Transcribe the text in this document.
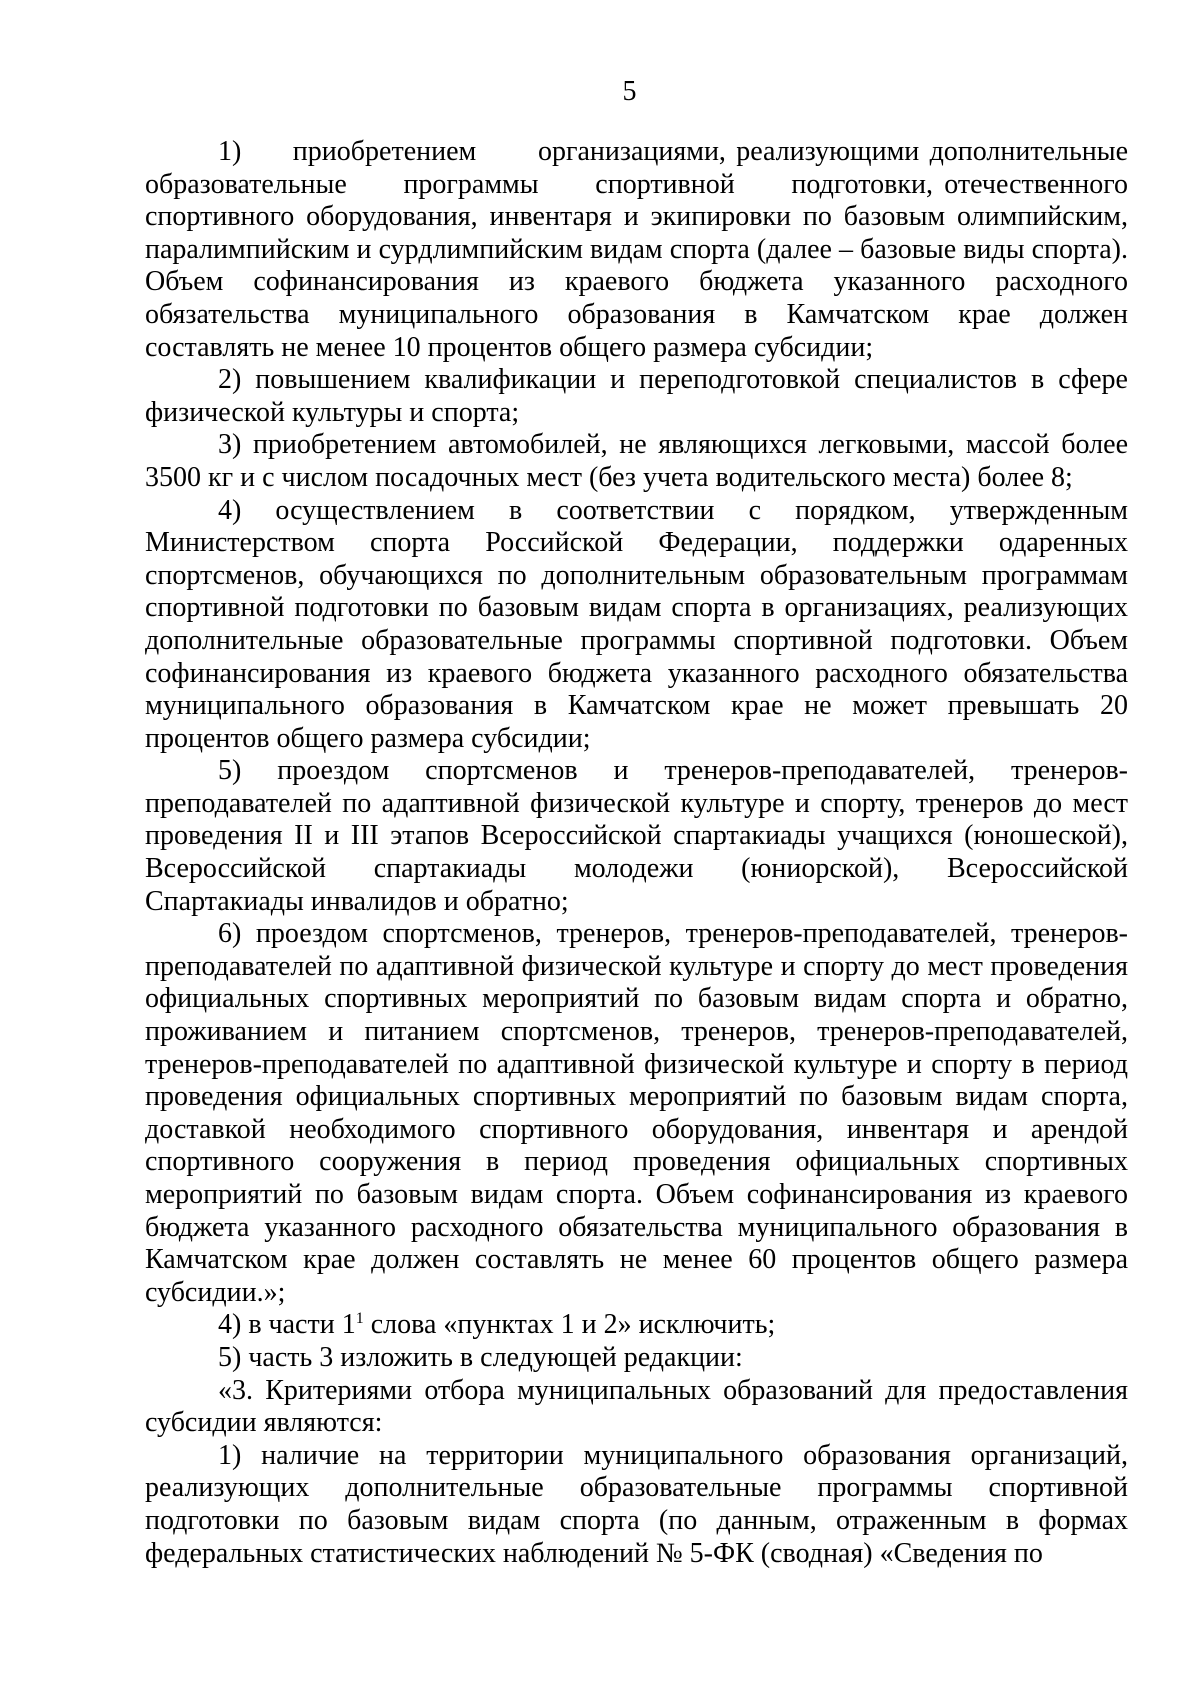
5

1)     приобретением      организациями, реализующими дополнительные образовательные     программы     спортивной     подготовки, отечественного спортивного оборудования, инвентаря и экипировки по базовым олимпийским, паралимпийским и сурдлимпийским видам спорта (далее – базовые виды спорта). Объем софинансирования из краевого бюджета указанного расходного обязательства муниципального образования в Камчатском крае должен составлять не менее 10 процентов общего размера субсидии;

2) повышением квалификации и переподготовкой специалистов в сфере физической культуры и спорта;

3) приобретением автомобилей, не являющихся легковыми, массой более 3500 кг и с числом посадочных мест (без учета водительского места) более 8;

4) осуществлением в соответствии с порядком, утвержденным Министерством спорта Российской Федерации, поддержки одаренных спортсменов, обучающихся по дополнительным образовательным программам спортивной подготовки по базовым видам спорта в организациях, реализующих дополнительные образовательные программы спортивной подготовки. Объем софинансирования из краевого бюджета указанного расходного обязательства муниципального образования в Камчатском крае не может превышать 20 процентов общего размера субсидии;

5) проездом спортсменов и тренеров-преподавателей, тренеров-преподавателей по адаптивной физической культуре и спорту, тренеров до мест проведения II и III этапов Всероссийской спартакиады учащихся (юношеской), Всероссийской спартакиады молодежи (юниорской), Всероссийской Спартакиады инвалидов и обратно;

6) проездом спортсменов, тренеров, тренеров-преподавателей, тренеров-преподавателей по адаптивной физической культуре и спорту до мест проведения официальных спортивных мероприятий по базовым видам спорта и обратно, проживанием и питанием спортсменов, тренеров, тренеров-преподавателей, тренеров-преподавателей по адаптивной физической культуре и спорту в период проведения официальных спортивных мероприятий по базовым видам спорта, доставкой необходимого спортивного оборудования, инвентаря и арендой спортивного сооружения в период проведения официальных спортивных мероприятий по базовым видам спорта. Объем софинансирования из краевого бюджета указанного расходного обязательства муниципального образования в Камчатском крае должен составлять не менее 60 процентов общего размера субсидии.»;

4) в части $1^1$ слова «пунктах 1 и 2» исключить;

5) часть 3 изложить в следующей редакции:

«3. Критериями отбора муниципальных образований для предоставления субсидии являются:

1) наличие на территории муниципального образования организаций, реализующих дополнительные образовательные программы спортивной подготовки по базовым видам спорта (по данным, отраженным в формах федеральных статистических наблюдений № 5-ФК (сводная) «Сведения по
